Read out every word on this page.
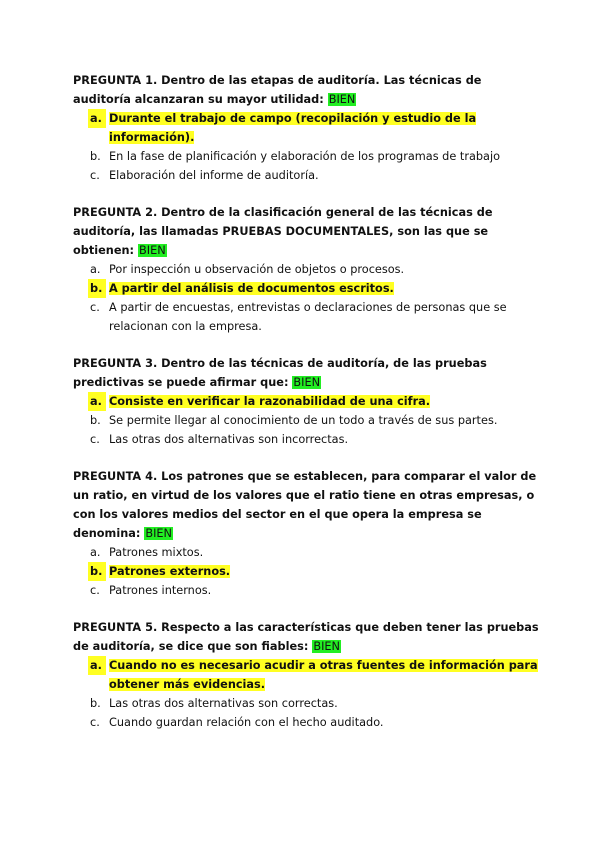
PREGUNTA 1. Dentro de las etapas de auditoría. Las técnicas de auditoría alcanzaran su mayor utilidad: BIEN

a. Durante el trabajo de campo (recopilación y estudio de la información).
b. En la fase de planificación y elaboración de los programas de trabajo
c. Elaboración del informe de auditoría.

PREGUNTA 2. Dentro de la clasificación general de las técnicas de auditoría, las llamadas PRUEBAS DOCUMENTALES, son las que se obtienen: BIEN

a. Por inspección u observación de objetos o procesos.
b. A partir del análisis de documentos escritos.
c. A partir de encuestas, entrevistas o declaraciones de personas que se relacionan con la empresa.

PREGUNTA 3. Dentro de las técnicas de auditoría, de las pruebas predictivas se puede afirmar que: BIEN

a. Consiste en verificar la razonabilidad de una cifra.
b. Se permite llegar al conocimiento de un todo a través de sus partes.
c. Las otras dos alternativas son incorrectas.

PREGUNTA 4. Los patrones que se establecen, para comparar el valor de un ratio, en virtud de los valores que el ratio tiene en otras empresas, o con los valores medios del sector en el que opera la empresa se denomina: BIEN

a. Patrones mixtos.
b. Patrones externos.
c. Patrones internos.

PREGUNTA 5. Respecto a las características que deben tener las pruebas de auditoría, se dice que son fiables: BIEN

a. Cuando no es necesario acudir a otras fuentes de información para obtener más evidencias.
b. Las otras dos alternativas son correctas.
c. Cuando guardan relación con el hecho auditado.
